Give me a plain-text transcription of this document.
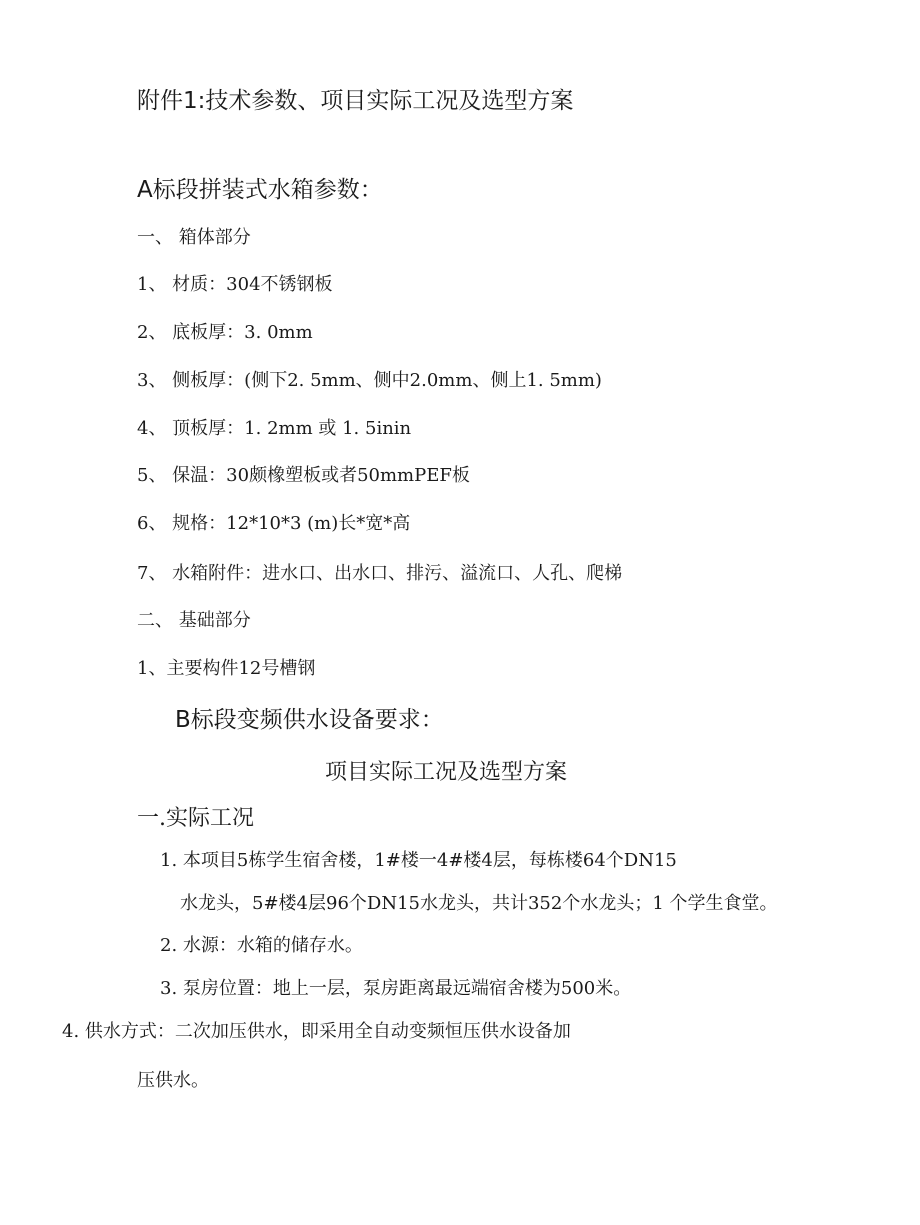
附件1:技术参数、项目实际工况及选型方案
A标段拼装式水箱参数：
一、 箱体部分
1、 材质：304不锈钢板
2、 底板厚：3. 0mm
3、 侧板厚：(侧下2. 5mm、侧中2.0mm、侧上1. 5mm)
4、 顶板厚：1. 2mm 或 1. 5inin
5、 保温：30颇橡塑板或者50mmPEF板
6、 规格：12*10*3 (m)长*宽*高
7、 水箱附件：进水口、出水口、排污、溢流口、人孔、爬梯
二、 基础部分
1、主要构件12号槽钢
B标段变频供水设备要求：
项目实际工况及选型方案
一.实际工况
1. 本项目5栋学生宿舍楼，1#楼一4#楼4层，每栋楼64个DN15
水龙头，5#楼4层96个DN15水龙头，共计352个水龙头；1 个学生食堂。
2. 水源：水箱的储存水。
3. 泵房位置：地上一层，泵房距离最远端宿舍楼为500米。
4. 供水方式：二次加压供水，即采用全自动变频恒压供水设备加
压供水。
